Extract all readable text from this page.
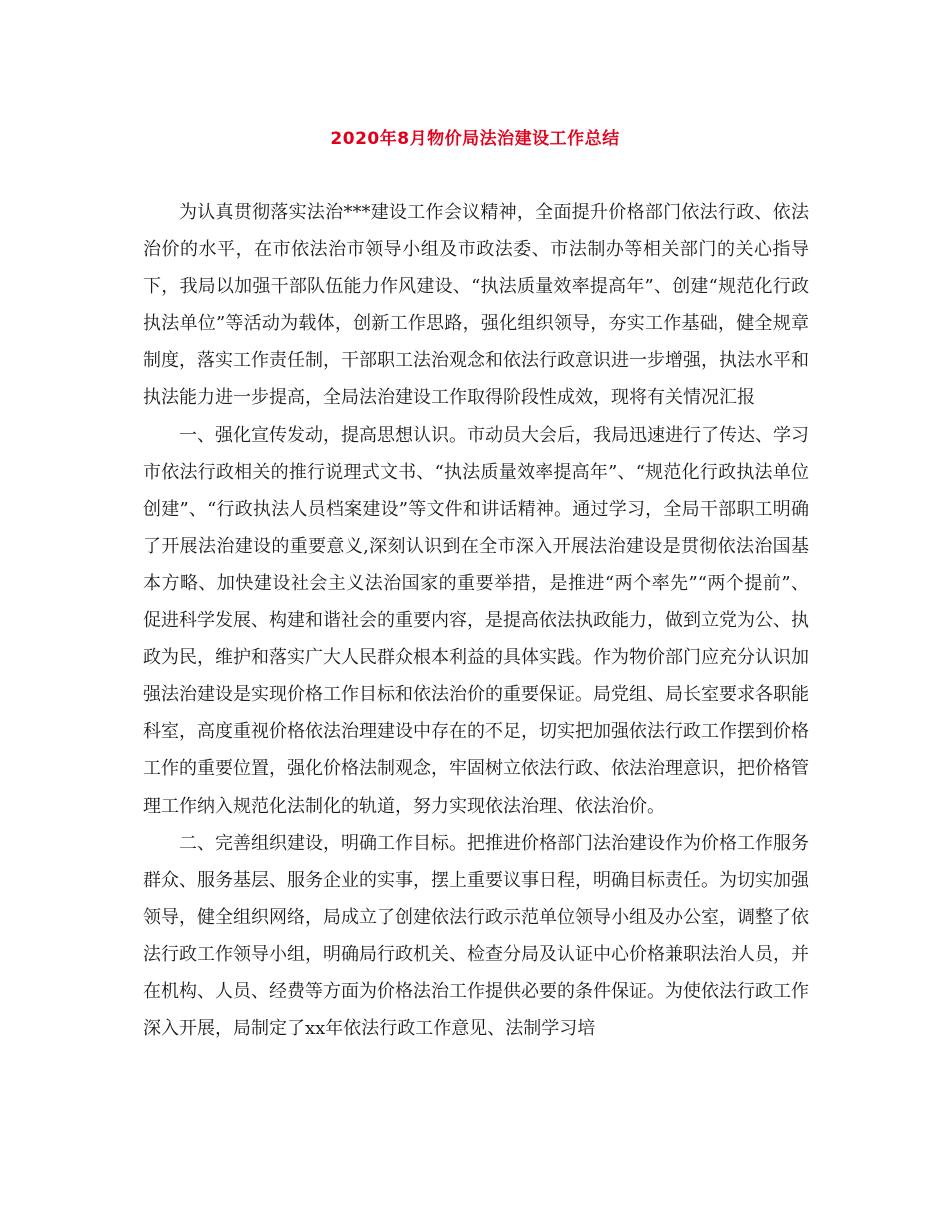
2020年8月物价局法治建设工作总结

为认真贯彻落实法治***建设工作会议精神，全面提升价格部门依法行政、依法治价的水平，在市依法治市领导小组及市政法委、市法制办等相关部门的关心指导下，我局以加强干部队伍能力作风建设、“执法质量效率提高年”、创建“规范化行政执法单位”等活动为载体，创新工作思路，强化组织领导，夯实工作基础，健全规章制度，落实工作责任制，干部职工法治观念和依法行政意识进一步增强，执法水平和执法能力进一步提高，全局法治建设工作取得阶段性成效，现将有关情况汇报

一、强化宣传发动，提高思想认识。市动员大会后，我局迅速进行了传达、学习市依法行政相关的推行说理式文书、“执法质量效率提高年”、“规范化行政执法单位创建”、“行政执法人员档案建设”等文件和讲话精神。通过学习，全局干部职工明确了开展法治建设的重要意义,深刻认识到在全市深入开展法治建设是贯彻依法治国基本方略、加快建设社会主义法治国家的重要举措，是推进“两个率先”“两个提前”、促进科学发展、构建和谐社会的重要内容，是提高依法执政能力，做到立党为公、执政为民，维护和落实广大人民群众根本利益的具体实践。作为物价部门应充分认识加强法治建设是实现价格工作目标和依法治价的重要保证。局党组、局长室要求各职能科室，高度重视价格依法治理建设中存在的不足，切实把加强依法行政工作摆到价格工作的重要位置，强化价格法制观念，牢固树立依法行政、依法治理意识，把价格管理工作纳入规范化法制化的轨道，努力实现依法治理、依法治价。

二、完善组织建设，明确工作目标。把推进价格部门法治建设作为价格工作服务群众、服务基层、服务企业的实事，摆上重要议事日程，明确目标责任。为切实加强领导，健全组织网络，局成立了创建依法行政示范单位领导小组及办公室，调整了依法行政工作领导小组，明确局行政机关、检查分局及认证中心价格兼职法治人员，并在机构、人员、经费等方面为价格法治工作提供必要的条件保证。为使依法行政工作深入开展，局制定了xx年依法行政工作意见、法制学习培
